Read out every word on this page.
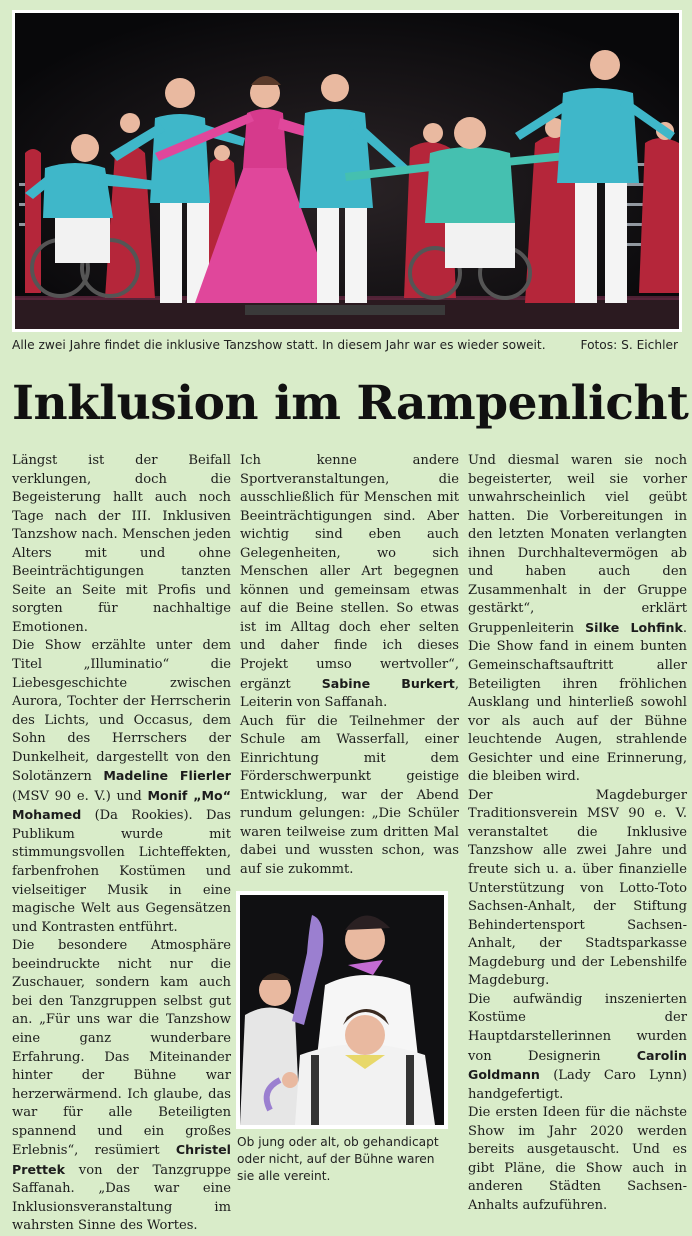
Alle zwei Jahre findet die inklusive Tanzshow statt. In diesem Jahr war es wieder soweit.	Fotos: S. Eichler
Inklusion im Rampenlicht

Längst ist der Beifall verklungen, doch die Begeisterung hallt auch noch Tage nach der III. Inklusiven Tanzshow nach. Menschen jeden Alters mit und ohne Beeinträchtigungen tanzten Seite an Seite mit Profis und sorgten für nachhaltige Emotionen.

Die Show erzählte unter dem Titel „Illuminatio“ die Liebesgeschichte zwischen Aurora, Tochter der Herrscherin des Lichts, und Occasus, dem Sohn des Herrschers der Dunkelheit, dargestellt von den Solotänzern Madeline Flierler (MSV 90 e. V.) und Monif „Mo“ Mohamed (Da Rookies). Das Publikum wurde mit stimmungsvollen Lichteffekten, farbenfrohen Kostümen und vielseitiger Musik in eine magische Welt aus Gegensätzen und Kontrasten entführt.

Die besondere Atmosphäre beeindruckte nicht nur die Zuschauer, sondern kam auch bei den Tanzgruppen selbst gut an. „Für uns war die Tanzshow eine ganz wunderbare Erfahrung. Das Miteinander hinter der Bühne war herzerwärmend. Ich glaube, das war für alle Beteiligten spannend und ein großes Erlebnis“, resümiert Christel Prettek von der Tanzgruppe Saffanah. „Das war eine Inklusionsveranstaltung im wahrsten Sinne des Wortes.

Ich kenne andere Sportveranstaltungen, die ausschließlich für Menschen mit Beeinträchtigungen sind. Aber wichtig sind eben auch Gelegenheiten, wo sich Menschen aller Art begegnen können und gemeinsam etwas auf die Beine stellen. So etwas ist im Alltag doch eher selten und daher finde ich dieses Projekt umso wertvoller“, ergänzt Sabine Burkert, Leiterin von Saffanah.

Auch für die Teilnehmer der Schule am Wasserfall, einer Einrichtung mit dem Förderschwerpunkt geistige Entwicklung, war der Abend rundum gelungen: „Die Schüler waren teilweise zum dritten Mal dabei und wussten schon, was auf sie zukommt.

Ob jung oder alt, ob gehandicapt oder nicht, auf der Bühne waren sie alle vereint.

Und diesmal waren sie noch begeisterter, weil sie vorher unwahrscheinlich viel geübt hatten. Die Vorbereitungen in den letzten Monaten verlangten ihnen Durchhaltevermögen ab und haben auch den Zusammenhalt in der Gruppe gestärkt“, erklärt Gruppenleiterin Silke Lohfink. Die Show fand in einem bunten Gemeinschaftsauftritt aller Beteiligten ihren fröhlichen Ausklang und hinterließ sowohl vor als auch auf der Bühne leuchtende Augen, strahlende Gesichter und eine Erinnerung, die bleiben wird.

Der Magdeburger Traditionsverein MSV 90 e. V. veranstaltet die Inklusive Tanzshow alle zwei Jahre und freute sich u. a. über finanzielle Unterstützung von Lotto-Toto Sachsen-Anhalt, der Stiftung Behindertensport Sachsen-Anhalt, der Stadtsparkasse Magdeburg und der Lebenshilfe Magdeburg.

Die aufwändig inszenierten Kostüme der Hauptdarstellerinnen wurden von Designerin	Carolin Goldmann (Lady Caro Lynn) handgefertigt.

Die ersten Ideen für die nächste Show im Jahr 2020 werden bereits ausgetauscht. Und es gibt Pläne, die Show auch in anderen Städten Sachsen-Anhalts aufzuführen.
